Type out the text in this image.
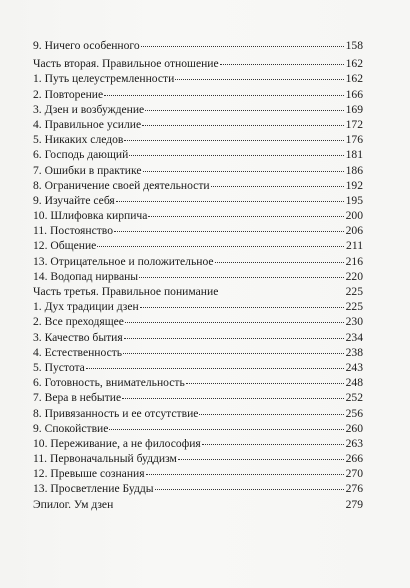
9. Ничего особенного	158
Часть вторая. Правильное отношение	162
1. Путь целеустремленности	162
2. Повторение	166
3. Дзен и возбуждение	169
4. Правильное усилие	172
5. Никаких следов	176
6. Господь дающий	181
7. Ошибки в практике	186
8. Ограничение своей деятельности	192
9. Изучайте себя	195
10. Шлифовка кирпича	200
11. Постоянство	206
12. Общение	211
13. Отрицательное и положительное	216
14. Водопад нирваны	220
Часть третья. Правильное понимание	225
1. Дух традиции дзен	225
2. Все преходящее	230
3. Качество бытия	234
4. Естественность	238
5. Пустота	243
6. Готовность, внимательность	248
7. Вера в небытие	252
8. Привязанность и ее отсутствие	256
9. Спокойствие	260
10. Переживание, а не философия	263
11. Первоначальный буддизм	266
12. Превыше сознания	270
13. Просветление Будды	276
Эпилог. Ум дзен	279
